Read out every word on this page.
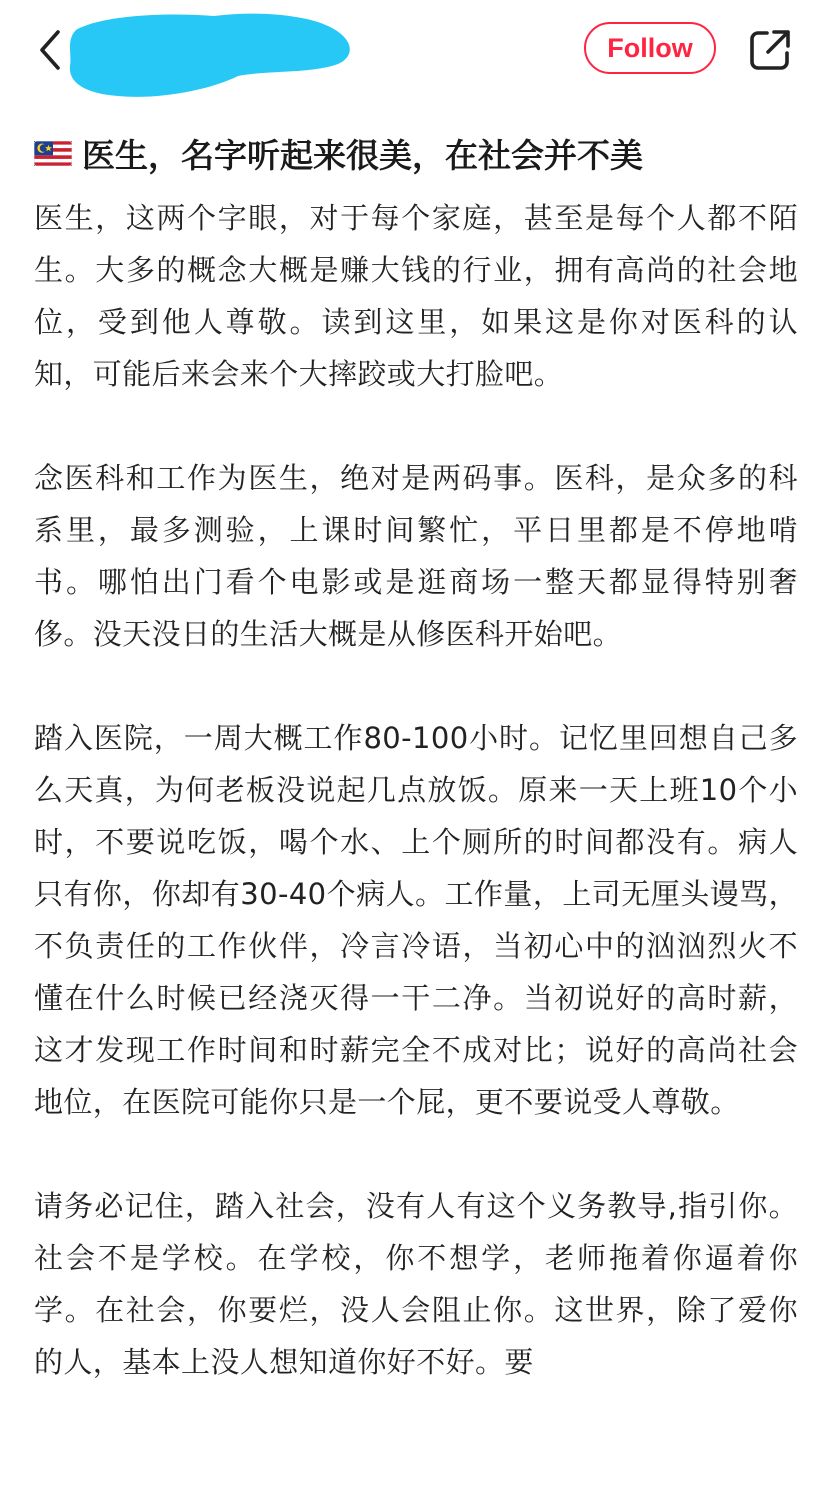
Follow
医生，名字听起来很美，在社会并不美

医生，这两个字眼，对于每个家庭，甚至是每个人都不陌生。大多的概念大概是赚大钱的行业，拥有高尚的社会地位，受到他人尊敬。读到这里，如果这是你对医科的认知，可能后来会来个大摔跤或大打脸吧。

念医科和工作为医生，绝对是两码事。医科，是众多的科系里，最多测验，上课时间繁忙，平日里都是不停地啃书。哪怕出门看个电影或是逛商场一整天都显得特别奢侈。没天没日的生活大概是从修医科开始吧。

踏入医院，一周大概工作80-100小时。记忆里回想自己多么天真，为何老板没说起几点放饭。原来一天上班10个小时，不要说吃饭，喝个水、上个厕所的时间都没有。病人只有你，你却有30-40个病人。工作量，上司无厘头谩骂，不负责任的工作伙伴，冷言冷语，当初心中的汹汹烈火不懂在什么时候已经浇灭得一干二净。当初说好的高时薪，这才发现工作时间和时薪完全不成对比；说好的高尚社会地位，在医院可能你只是一个屁，更不要说受人尊敬。

请务必记住，踏入社会，没有人有这个义务教导,指引你。社会不是学校。在学校，你不想学，老师拖着你逼着你学。在社会，你要烂，没人会阻止你。这世界，除了爱你的人，基本上没人想知道你好不好。要
